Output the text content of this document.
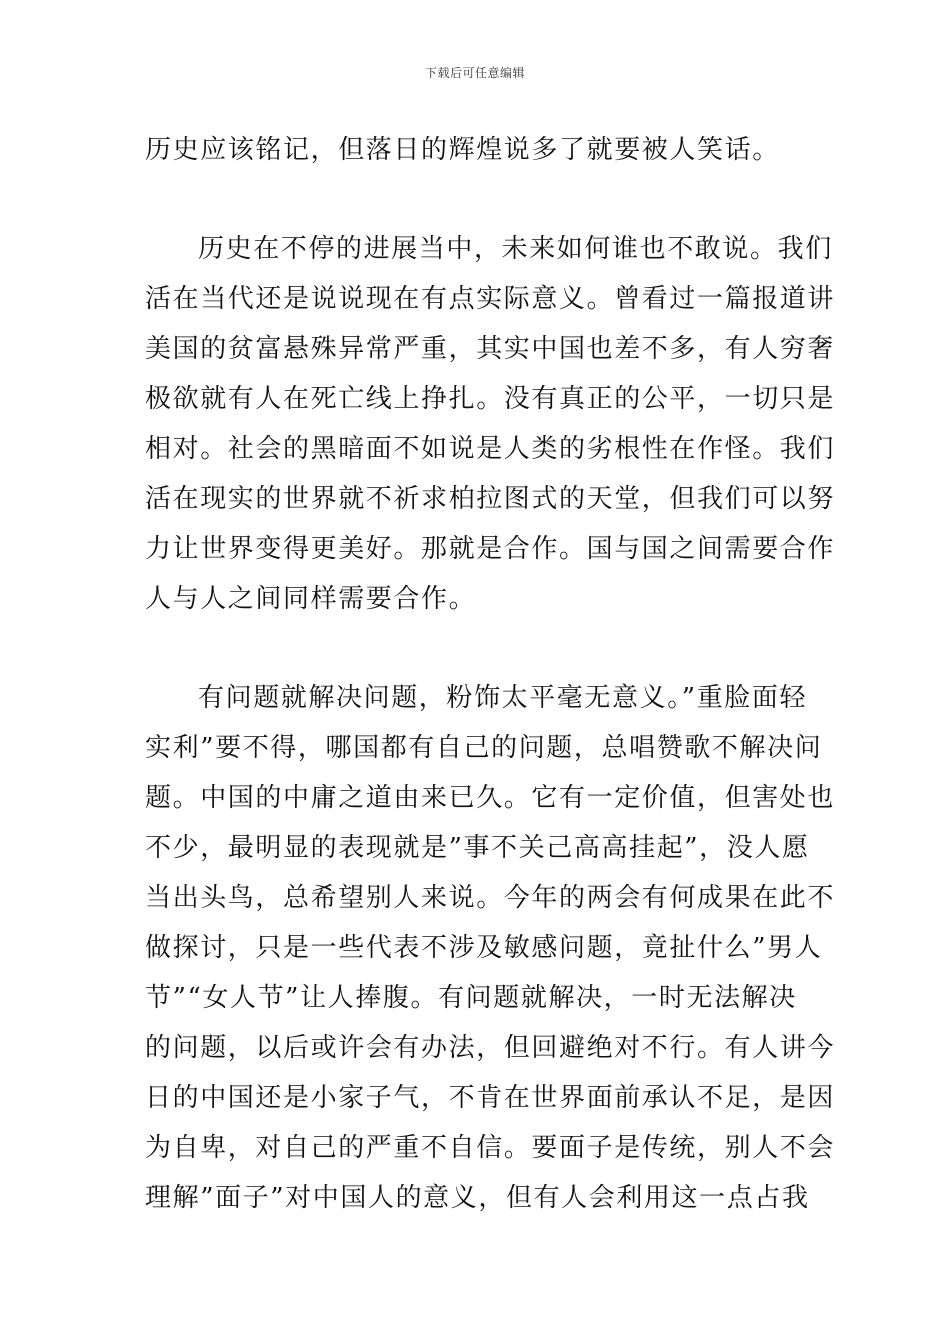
下载后可任意编辑
历史应该铭记，但落日的辉煌说多了就要被人笑话。
历史在不停的进展当中，未来如何谁也不敢说。我们
活在当代还是说说现在有点实际意义。曾看过一篇报道讲
美国的贫富悬殊异常严重，其实中国也差不多，有人穷奢
极欲就有人在死亡线上挣扎。没有真正的公平，一切只是
相对。社会的黑暗面不如说是人类的劣根性在作怪。我们
活在现实的世界就不祈求柏拉图式的天堂，但我们可以努
力让世界变得更美好。那就是合作。国与国之间需要合作
人与人之间同样需要合作。
有问题就解决问题，粉饰太平毫无意义。”重脸面轻
实利”要不得，哪国都有自己的问题，总唱赞歌不解决问
题。中国的中庸之道由来已久。它有一定价值，但害处也
不少，最明显的表现就是”事不关己高高挂起”，没人愿
当出头鸟，总希望别人来说。今年的两会有何成果在此不
做探讨，只是一些代表不涉及敏感问题，竟扯什么”男人
节”“女人节”让人捧腹。有问题就解决，一时无法解决
的问题，以后或许会有办法，但回避绝对不行。有人讲今
日的中国还是小家子气，不肯在世界面前承认不足，是因
为自卑，对自己的严重不自信。要面子是传统，别人不会
理解”面子”对中国人的意义，但有人会利用这一点占我
